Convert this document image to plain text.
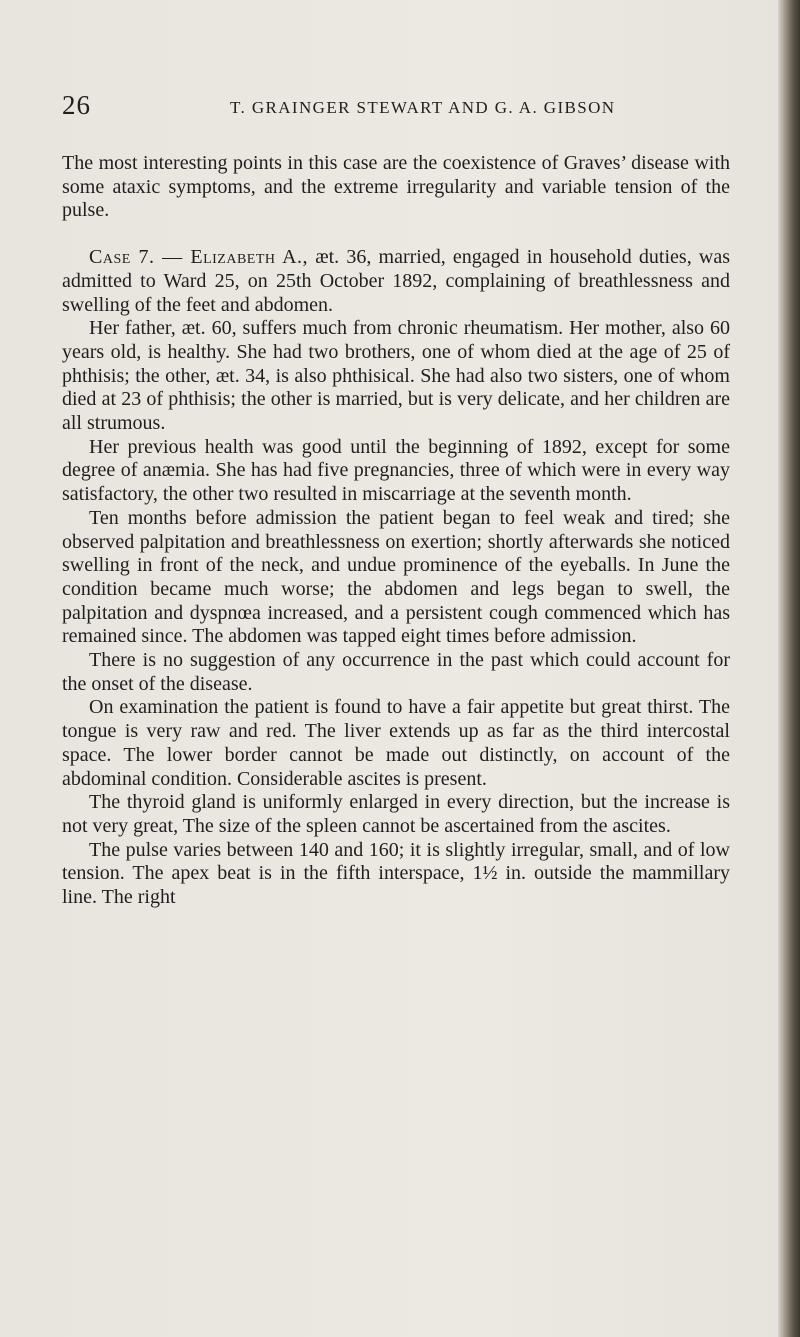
26	T. GRAINGER STEWART AND G. A. GIBSON

The most interesting points in this case are the coexistence of Graves’ disease with some ataxic symptoms, and the extreme irregularity and variable tension of the pulse.

Case 7. — Elizabeth A., æt. 36, married, engaged in household duties, was admitted to Ward 25, on 25th October 1892, complaining of breathlessness and swelling of the feet and abdomen.

Her father, æt. 60, suffers much from chronic rheumatism. Her mother, also 60 years old, is healthy. She had two brothers, one of whom died at the age of 25 of phthisis; the other, æt. 34, is also phthisical. She had also two sisters, one of whom died at 23 of phthisis; the other is married, but is very delicate, and her children are all strumous.

Her previous health was good until the beginning of 1892, except for some degree of anæmia. She has had five pregnancies, three of which were in every way satisfactory, the other two resulted in miscarriage at the seventh month.

Ten months before admission the patient began to feel weak and tired; she observed palpitation and breathlessness on exertion; shortly afterwards she noticed swelling in front of the neck, and undue prominence of the eyeballs. In June the condition became much worse; the abdomen and legs began to swell, the palpitation and dyspnœa increased, and a persistent cough commenced which has remained since. The abdomen was tapped eight times before admission.

There is no suggestion of any occurrence in the past which could account for the onset of the disease.

On examination the patient is found to have a fair appetite but great thirst. The tongue is very raw and red. The liver extends up as far as the third intercostal space. The lower border cannot be made out distinctly, on account of the abdominal condition. Considerable ascites is present.

The thyroid gland is uniformly enlarged in every direction, but the increase is not very great, The size of the spleen cannot be ascertained from the ascites.

The pulse varies between 140 and 160; it is slightly irregular, small, and of low tension. The apex beat is in the fifth interspace, 1½ in. outside the mammillary line. The right
